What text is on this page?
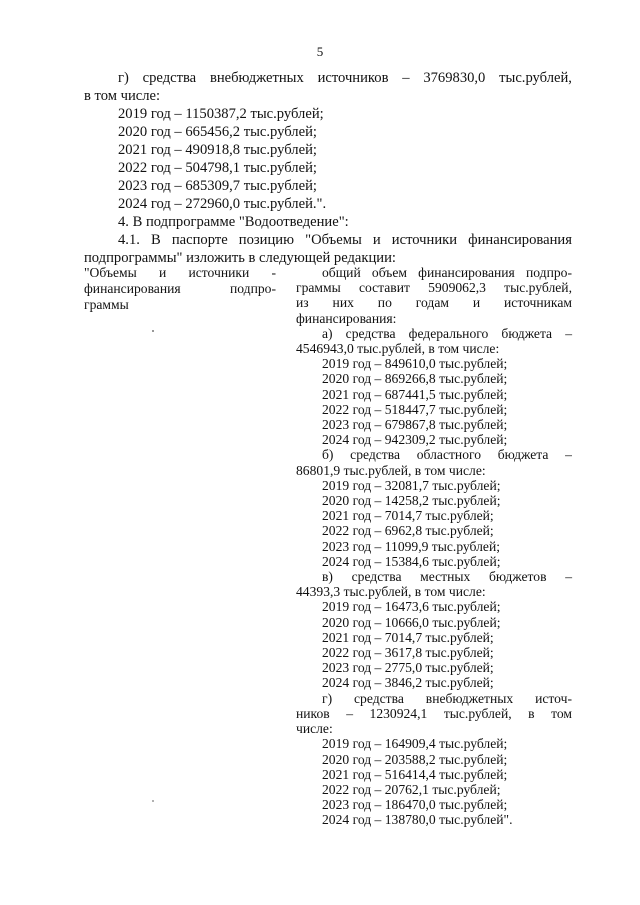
5
г) средства внебюджетных источников – 3769830,0 тыс.рублей,
в том числе:
2019 год – 1150387,2 тыс.рублей;
2020 год – 665456,2 тыс.рублей;
2021 год – 490918,8 тыс.рублей;
2022 год – 504798,1 тыс.рублей;
2023 год – 685309,7 тыс.рублей;
2024 год – 272960,0 тыс.рублей.".
4. В подпрограмме "Водоотведение":
4.1. В паспорте позицию "Объемы и источники финансирования
подпрограммы" изложить в следующей редакции:
"Объемы и источники -
финансирования	подпро-
граммы
общий объем финансирования подпро-
граммы составит 5909062,3 тыс.рублей,
из них по годам и источникам
финансирования:
а) средства федерального бюджета –
4546943,0 тыс.рублей, в том числе:
2019 год – 849610,0 тыс.рублей;
2020 год – 869266,8 тыс.рублей;
2021 год – 687441,5 тыс.рублей;
2022 год – 518447,7 тыс.рублей;
2023 год – 679867,8 тыс.рублей;
2024 год – 942309,2 тыс.рублей;
б) средства областного бюджета –
86801,9 тыс.рублей, в том числе:
2019 год – 32081,7 тыс.рублей;
2020 год – 14258,2 тыс.рублей;
2021 год – 7014,7 тыс.рублей;
2022 год – 6962,8 тыс.рублей;
2023 год – 11099,9 тыс.рублей;
2024 год – 15384,6 тыс.рублей;
в) средства местных бюджетов –
44393,3 тыс.рублей, в том числе:
2019 год – 16473,6 тыс.рублей;
2020 год – 10666,0 тыс.рублей;
2021 год – 7014,7 тыс.рублей;
2022 год – 3617,8 тыс.рублей;
2023 год – 2775,0 тыс.рублей;
2024 год – 3846,2 тыс.рублей;
г) средства внебюджетных источ-
ников – 1230924,1 тыс.рублей, в том
числе:
2019 год – 164909,4 тыс.рублей;
2020 год – 203588,2 тыс.рублей;
2021 год – 516414,4 тыс.рублей;
2022 год – 20762,1 тыс.рублей;
2023 год – 186470,0 тыс.рублей;
2024 год – 138780,0 тыс.рублей".
